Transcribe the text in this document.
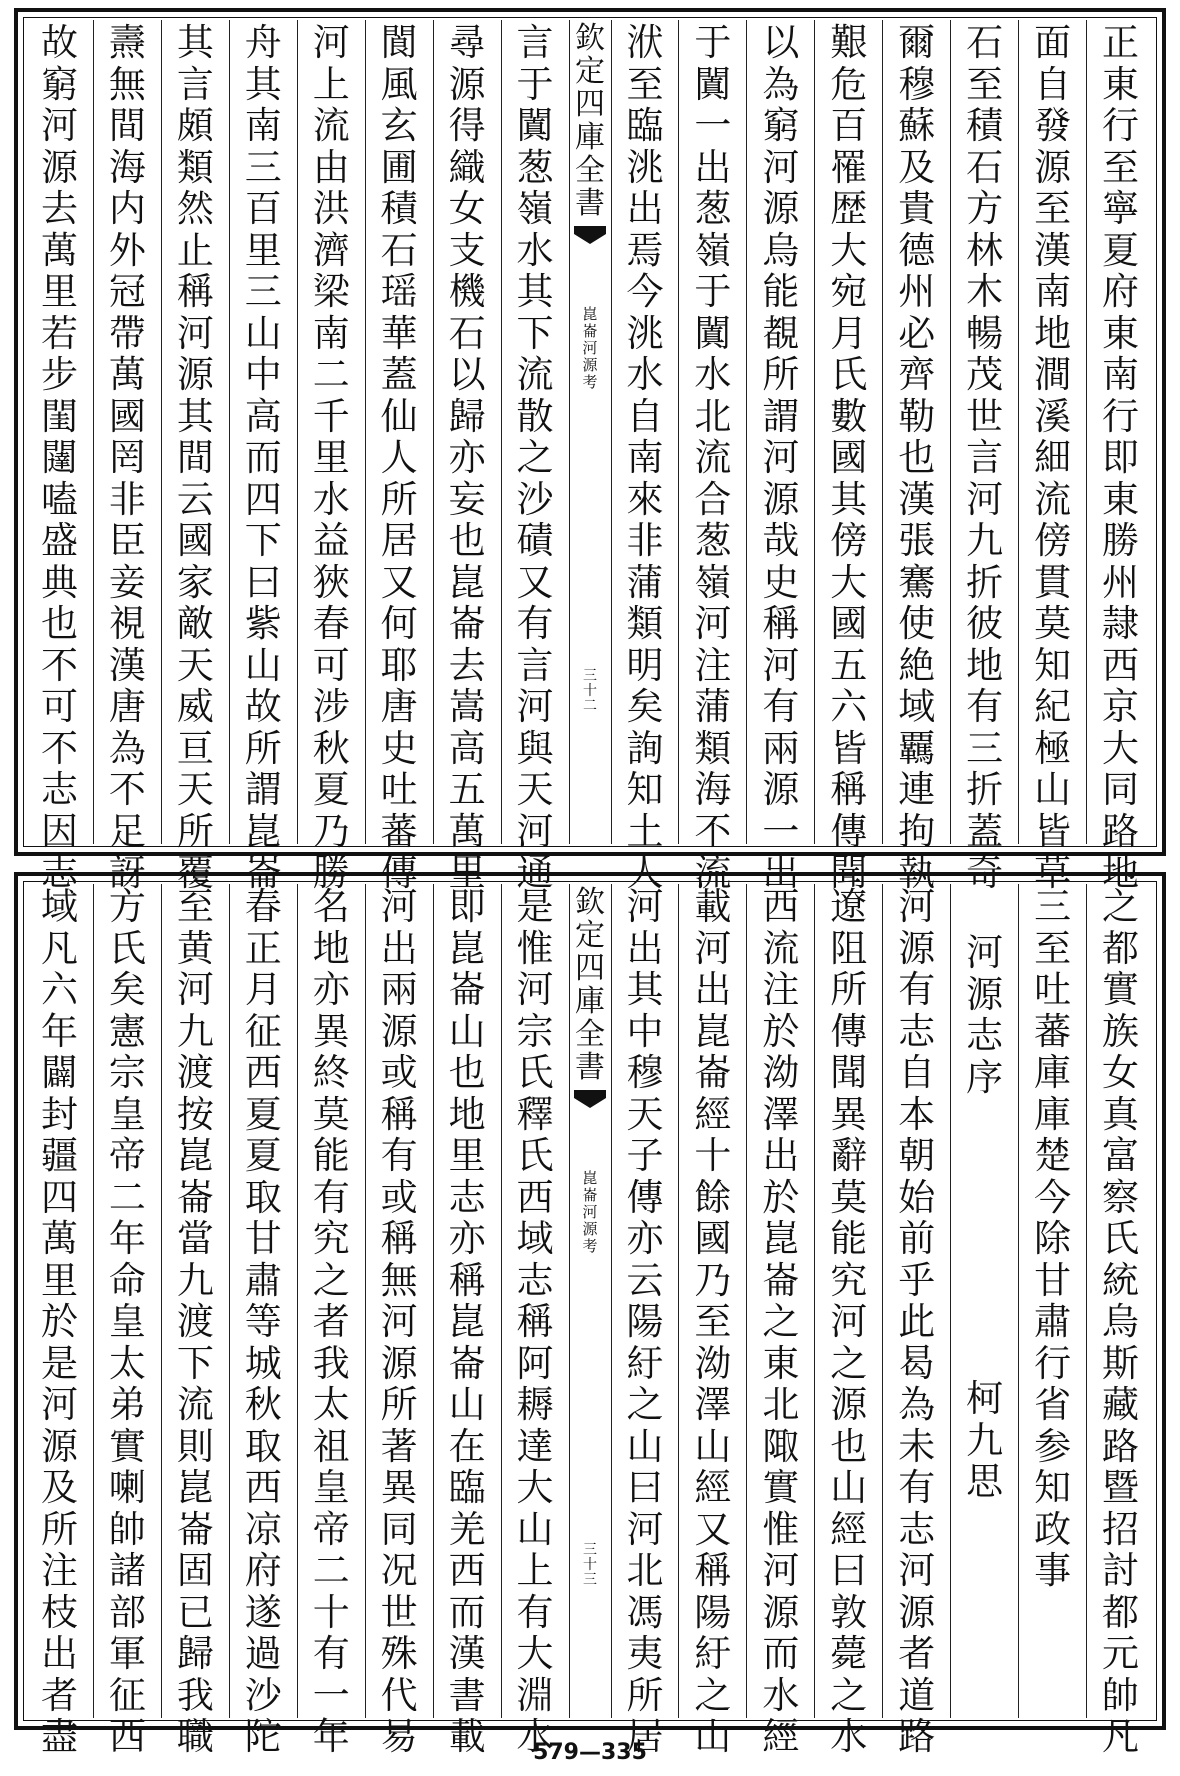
正
東
行
至
寧
夏
府
東
南
行
即
東
勝
州
隷
西
京
大
同
路
地
面
自
發
源
至
漢
南
地
澗
溪
細
流
傍
貫
莫
知
紀
極
山
皆
草
石
至
積
石
方
林
木
暢
茂
世
言
河
九
折
彼
地
有
三
折
蓋
奇
爾
穆
蘇
及
貴
德
州
必
齊
勒
也
漢
張
騫
使
絶
域
覊
連
拘
執
艱
危
百
罹
歴
大
宛
月
氏
數
國
其
傍
大
國
五
六
皆
稱
傳
聞
以
為
窮
河
源
烏
能
覩
所
謂
河
源
哉
史
稱
河
有
兩
源
一
出
于
闐
一
出
葱
嶺
于
闐
水
北
流
合
葱
嶺
河
注
蒲
類
海
不
流
洑
至
臨
洮
出
焉
今
洮
水
自
南
來
非
蒲
類
明
矣
詢
知
土
人
欽
定
四
庫
全
書
崑
崙
河
源
考
三
十
二
言
于
闐
葱
嶺
水
其
下
流
散
之
沙
磧
又
有
言
河
與
天
河
通
尋
源
得
織
女
支
機
石
以
歸
亦
妄
也
崑
崙
去
嵩
高
五
萬
里
閬
風
玄
圃
積
石
瑶
華
蓋
仙
人
所
居
又
何
耶
唐
史
吐
蕃
傳
河
上
流
由
洪
濟
梁
南
二
千
里
水
益
狹
春
可
涉
秋
夏
乃
勝
舟
其
南
三
百
里
三
山
中
高
而
四
下
曰
紫
山
故
所
謂
崑
崙
其
言
頗
類
然
止
稱
河
源
其
間
云
國
家
敵
天
威
亘
天
所
覆
燾
無
間
海
内
外
冠
帶
萬
國
罔
非
臣
妾
視
漢
唐
為
不
足
訝
故
窮
河
源
去
萬
里
若
步
閨
闥
嗑
盛
典
也
不
可
不
志
因
志
之
都
實
族
女
真
富
察
氏
統
烏
斯
藏
路
暨
招
討
都
元
帥
凡
三
至
吐
蕃
庫
庫
楚
今
除
甘
肅
行
省
参
知
政
事
河
源
志
序
柯
九
思
河
源
有
志
自
本
朝
始
前
乎
此
曷
為
未
有
志
河
源
者
道
路
遼
阻
所
傳
聞
異
辭
莫
能
究
河
之
源
也
山
經
曰
敦
薨
之
水
西
流
注
於
泑
澤
出
於
崑
崙
之
東
北
陬
實
惟
河
源
而
水
經
載
河
出
崑
崙
經
十
餘
國
乃
至
泑
澤
山
經
又
稱
陽
紆
之
山
河
出
其
中
穆
天
子
傳
亦
云
陽
紆
之
山
曰
河
北
馮
夷
所
居
欽
定
四
庫
全
書
崑
崙
河
源
考
三
十
三
是
惟
河
宗
氏
釋
氏
西
域
志
稱
阿
耨
達
大
山
上
有
大
淵
水
即
崑
崙
山
也
地
里
志
亦
稱
崑
崙
山
在
臨
羌
西
而
漢
書
載
河
出
兩
源
或
稱
有
或
稱
無
河
源
所
著
異
同
况
世
殊
代
易
名
地
亦
異
終
莫
能
有
究
之
者
我
太
祖
皇
帝
二
十
有
一
年
春
正
月
征
西
夏
夏
取
甘
肅
等
城
秋
取
西
凉
府
遂
過
沙
陀
至
黄
河
九
渡
按
崑
崙
當
九
渡
下
流
則
崑
崙
固
已
歸
我
職
方
氏
矣
憲
宗
皇
帝
二
年
命
皇
太
弟
實
喇
帥
諸
部
軍
征
西
域
凡
六
年
闢
封
疆
四
萬
里
於
是
河
源
及
所
注
枝
出
者
盡	579—335
